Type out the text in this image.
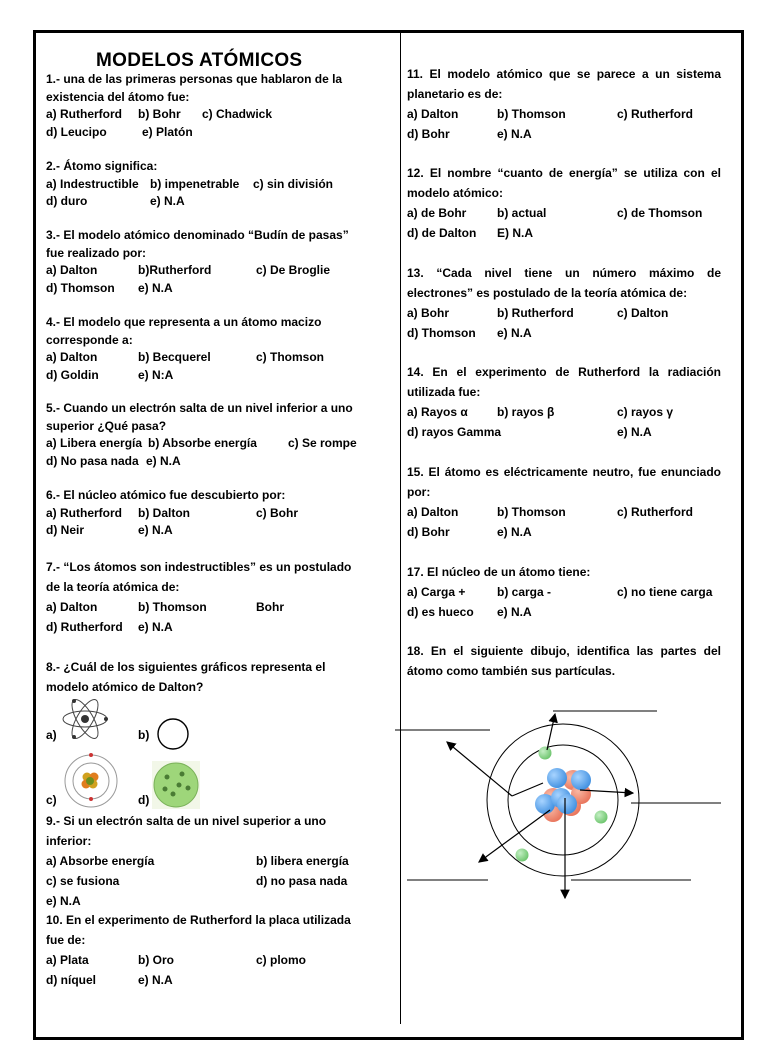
MODELOS ATÓMICOS
1.- una de las primeras personas que hablaron de la
existencia del átomo fue:
a) Rutherford b) Bohr c) Chadwick
d) Leucipo	e) Platón
2.- Átomo significa:
a) Indestructible b) impenetrable c) sin división
d) duro	e) N.A
3.- El modelo atómico denominado “Budín de pasas”
fue realizado por:
a) Dalton	b)Rutherford	c) De Broglie
d) Thomson e) N.A
4.- El modelo que representa a un átomo macizo
corresponde a:
a) Dalton	b) Becquerel	c) Thomson
d) Goldin	e) N:A
5.- Cuando un electrón salta de un nivel inferior a uno
superior ¿Qué pasa?
a) Libera energía b) Absorbe energía	c) Se rompe
d) No pasa nada e) N.A
6.- El núcleo atómico fue descubierto por:
a) Rutherford b) Dalton	c) Bohr
d) Neir	e) N.A
7.- “Los átomos son indestructibles” es un postulado
de la teoría atómica de:
a) Dalton	b) Thomson	Bohr
d) Rutherford e) N.A
8.- ¿Cuál de los siguientes gráficos representa el
modelo atómico de Dalton?
a)	b)
c)	d)
9.- Si un electrón salta de un nivel superior a uno
inferior:
a) Absorbe energía	b) libera energía
c) se fusiona	d) no pasa nada
e) N.A
10. En el experimento de Rutherford la placa utilizada
fue de:
a) Plata	b) Oro	c) plomo
d) níquel	e) N.A
11. El modelo atómico que se parece a un sistema
planetario es de:
a) Dalton	b) Thomson	c) Rutherford
d) Bohr	e) N.A
12. El nombre “cuanto de energía” se utiliza con el
modelo atómico:
a) de Bohr	b) actual	c) de Thomson
d) de Dalton E) N.A
13. “Cada nivel tiene un número máximo de
electrones” es postulado de la teoría atómica de:
a) Bohr	b) Rutherford	c) Dalton
d) Thomson e) N.A
14. En el experimento de Rutherford la radiación
utilizada fue:
a) Rayos α b) rayos β	c) rayos γ
d) rayos Gamma	e) N.A
15. El átomo es eléctricamente neutro, fue enunciado
por:
a) Dalton	b) Thomson	c) Rutherford
d) Bohr	e) N.A
17. El núcleo de un átomo tiene:
a) Carga +	b) carga -	c) no tiene carga
d) es hueco e) N.A
18. En el siguiente dibujo, identifica las partes del
átomo como también sus partículas.
